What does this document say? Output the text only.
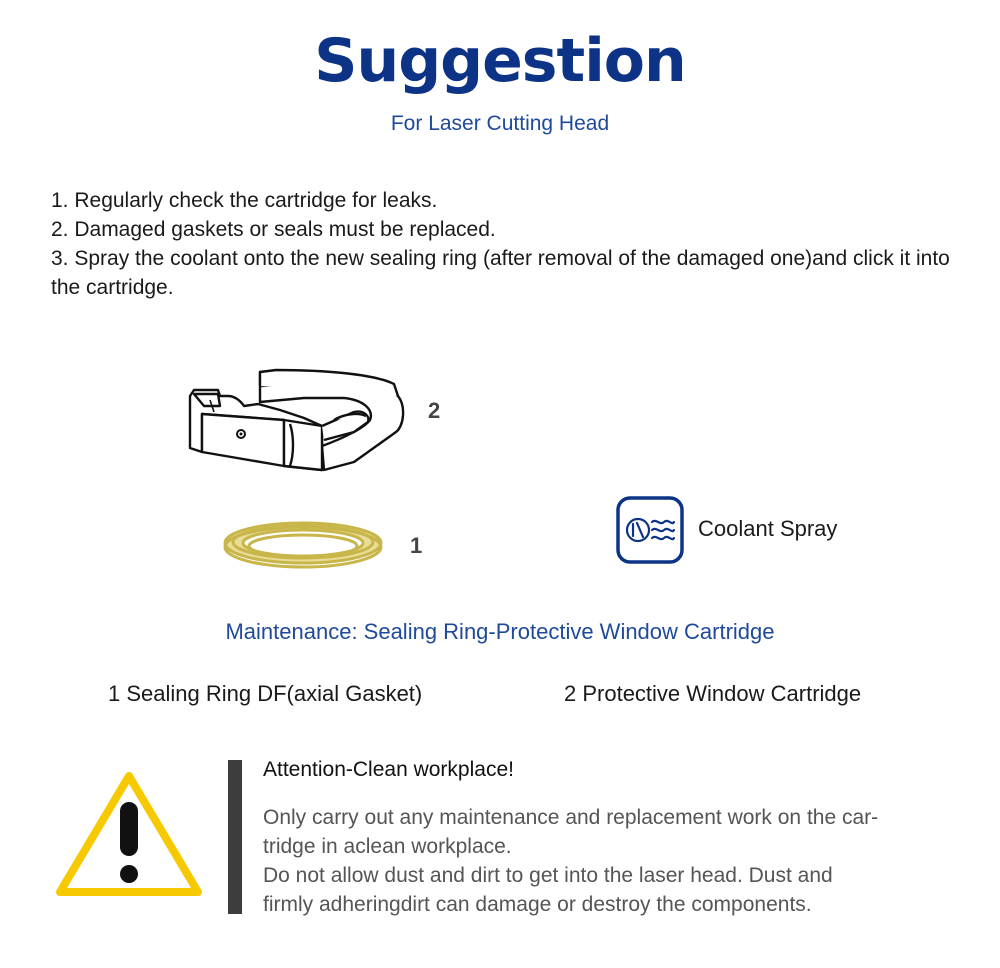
Suggestion
For Laser Cutting Head
1. Regularly check the cartridge for leaks.
2. Damaged gaskets or seals must be replaced.
3. Spray the coolant onto the new sealing ring (after removal of the damaged one)and click it into the cartridge.
2
1
Coolant Spray
Maintenance: Sealing Ring-Protective Window Cartridge
1 Sealing Ring DF(axial Gasket)	2 Protective Window Cartridge
Attention-Clean workplace!
Only carry out any maintenance and replacement work on the car-
tridge in aclean workplace.
Do not allow dust and dirt to get into the laser head. Dust and
firmly adheringdirt can damage or destroy the components.
